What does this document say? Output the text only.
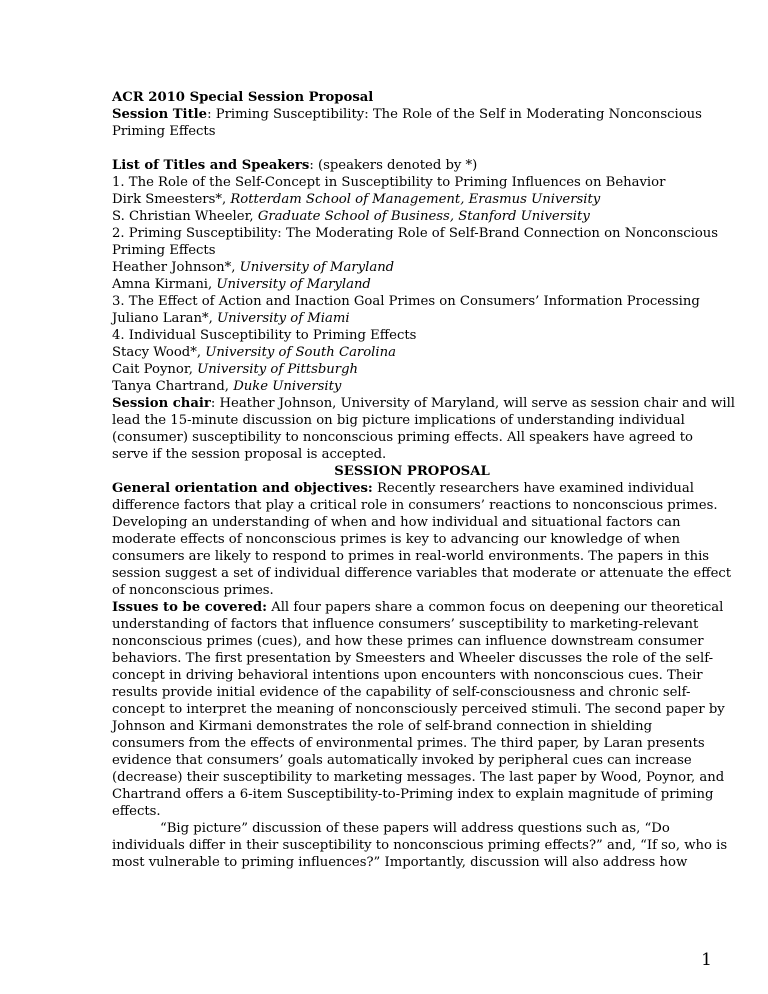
ACR 2010 Special Session Proposal
Session Title: Priming Susceptibility: The Role of the Self in Moderating Nonconscious
Priming Effects
List of Titles and Speakers: (speakers denoted by *)
1. The Role of the Self-Concept in Susceptibility to Priming Influences on Behavior
Dirk Smeesters*, Rotterdam School of Management, Erasmus University
S. Christian Wheeler, Graduate School of Business, Stanford University
2. Priming Susceptibility: The Moderating Role of Self-Brand Connection on Nonconscious
Priming Effects
Heather Johnson*, University of Maryland
Amna Kirmani, University of Maryland
3. The Effect of Action and Inaction Goal Primes on Consumers’ Information Processing
Juliano Laran*, University of Miami
4. Individual Susceptibility to Priming Effects
Stacy Wood*, University of South Carolina
Cait Poynor, University of Pittsburgh
Tanya Chartrand, Duke University
Session chair: Heather Johnson, University of Maryland, will serve as session chair and will
lead the 15-minute discussion on big picture implications of understanding individual
(consumer) susceptibility to nonconscious priming effects. All speakers have agreed to
serve if the session proposal is accepted.
SESSION PROPOSAL
General orientation and objectives: Recently researchers have examined individual
difference factors that play a critical role in consumers’ reactions to nonconscious primes.
Developing an understanding of when and how individual and situational factors can
moderate effects of nonconscious primes is key to advancing our knowledge of when
consumers are likely to respond to primes in real-world environments. The papers in this
session suggest a set of individual difference variables that moderate or attenuate the effect
of nonconscious primes.
Issues to be covered: All four papers share a common focus on deepening our theoretical
understanding of factors that influence consumers’ susceptibility to marketing-relevant
nonconscious primes (cues), and how these primes can influence downstream consumer
behaviors. The first presentation by Smeesters and Wheeler discusses the role of the self-
concept in driving behavioral intentions upon encounters with nonconscious cues. Their
results provide initial evidence of the capability of self-consciousness and chronic self-
concept to interpret the meaning of nonconsciously perceived stimuli. The second paper by
Johnson and Kirmani demonstrates the role of self-brand connection in shielding
consumers from the effects of environmental primes. The third paper, by Laran presents
evidence that consumers’ goals automatically invoked by peripheral cues can increase
(decrease) their susceptibility to marketing messages. The last paper by Wood, Poynor, and
Chartrand offers a 6-item Susceptibility-to-Priming index to explain magnitude of priming
effects.
“Big picture” discussion of these papers will address questions such as, “Do
individuals differ in their susceptibility to nonconscious priming effects?” and, “If so, who is
most vulnerable to priming influences?” Importantly, discussion will also address how
1
